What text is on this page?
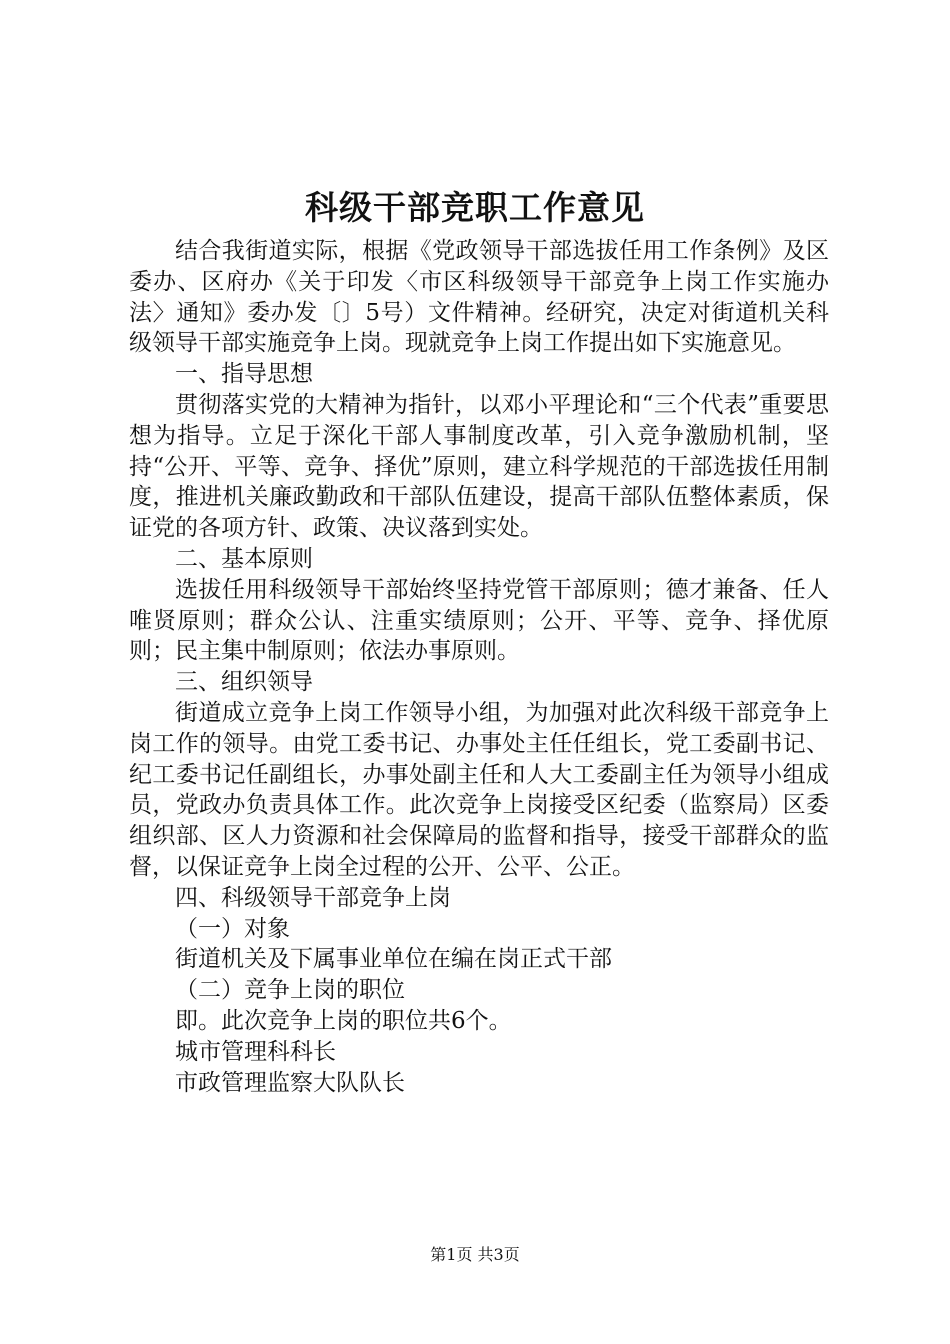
科级干部竞职工作意见

结合我街道实际，根据《党政领导干部选拔任用工作条例》及区委办、区府办《关于印发〈市区科级领导干部竞争上岗工作实施办法〉通知》委办发〔〕5号）文件精神。经研究，决定对街道机关科级领导干部实施竞争上岗。现就竞争上岗工作提出如下实施意见。

一、指导思想

贯彻落实党的大精神为指针，以邓小平理论和“三个代表”重要思想为指导。立足于深化干部人事制度改革，引入竞争激励机制，坚持“公开、平等、竞争、择优”原则，建立科学规范的干部选拔任用制度，推进机关廉政勤政和干部队伍建设，提高干部队伍整体素质，保证党的各项方针、政策、决议落到实处。

二、基本原则

选拔任用科级领导干部始终坚持党管干部原则；德才兼备、任人唯贤原则；群众公认、注重实绩原则；公开、平等、竞争、择优原则；民主集中制原则；依法办事原则。

三、组织领导

街道成立竞争上岗工作领导小组，为加强对此次科级干部竞争上岗工作的领导。由党工委书记、办事处主任任组长，党工委副书记、纪工委书记任副组长，办事处副主任和人大工委副主任为领导小组成员，党政办负责具体工作。此次竞争上岗接受区纪委（监察局）区委组织部、区人力资源和社会保障局的监督和指导，接受干部群众的监督，以保证竞争上岗全过程的公开、公平、公正。

四、科级领导干部竞争上岗

（一）对象

街道机关及下属事业单位在编在岗正式干部

（二）竞争上岗的职位

即。此次竞争上岗的职位共6个。

城市管理科科长

市政管理监察大队队长

第1页 共3页
